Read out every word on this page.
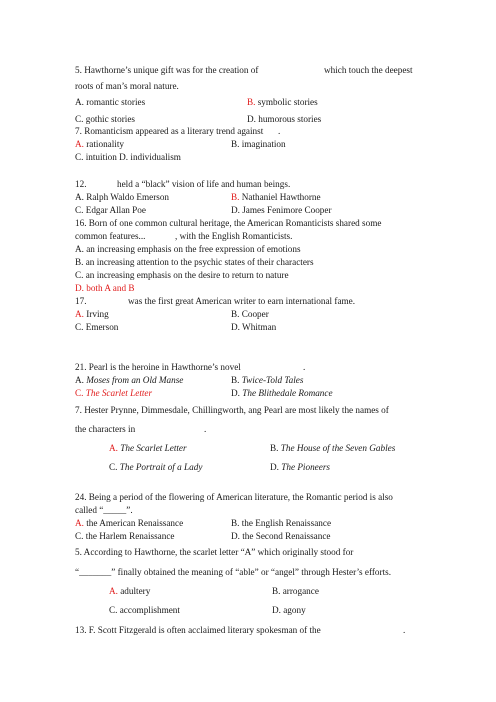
5. Hawthorne’s unique gift was for the creation of	which touch the deepest
roots of man’s moral nature.
A. romantic stories	B. symbolic stories
C. gothic stories	D. humorous stories
7. Romanticism appeared as a literary trend against .
A. rationality	B. imagination
C. intuition D. individualism
12.	held a “black” vision of life and human beings.
A. Ralph Waldo Emerson	B. Nathaniel Hawthorne
C. Edgar Allan Poe	D. James Fenimore Cooper
16. Born of one common cultural heritage, the American Romanticists shared some
common features...	, with the English Romanticists.
A. an increasing emphasis on the free expression of emotions
B. an increasing attention to the psychic states of their characters
C. an increasing emphasis on the desire to return to nature
D. both A and B
17.	was the first great American writer to earn international fame.
A. Irving	B. Cooper
C. Emerson	D. Whitman
21. Pearl is the heroine in Hawthorne’s novel	.
A. Moses from an Old Manse	B. Twice-Told Tales
C. The Scarlet Letter	D. The Blithedale Romance
7. Hester Prynne, Dimmesdale, Chillingworth, ang Pearl are most likely the names of
the characters in	.
A. The Scarlet Letter	B. The House of the Seven Gables
C. The Portrait of a Lady	D. The Pioneers
24. Being a period of the flowering of American literature, the Romantic period is also
called “_____”.
A. the American Renaissance	B. the English Renaissance
C. the Harlem Renaissance	D. the Second Renaissance
5. According to Hawthorne, the scarlet letter “A” which originally stood for
“_______” finally obtained the meaning of “able” or “angel” through Hester’s efforts.
A. adultery	B. arrogance
C. accomplishment	D. agony
13. F. Scott Fitzgerald is often acclaimed literary spokesman of the	.
